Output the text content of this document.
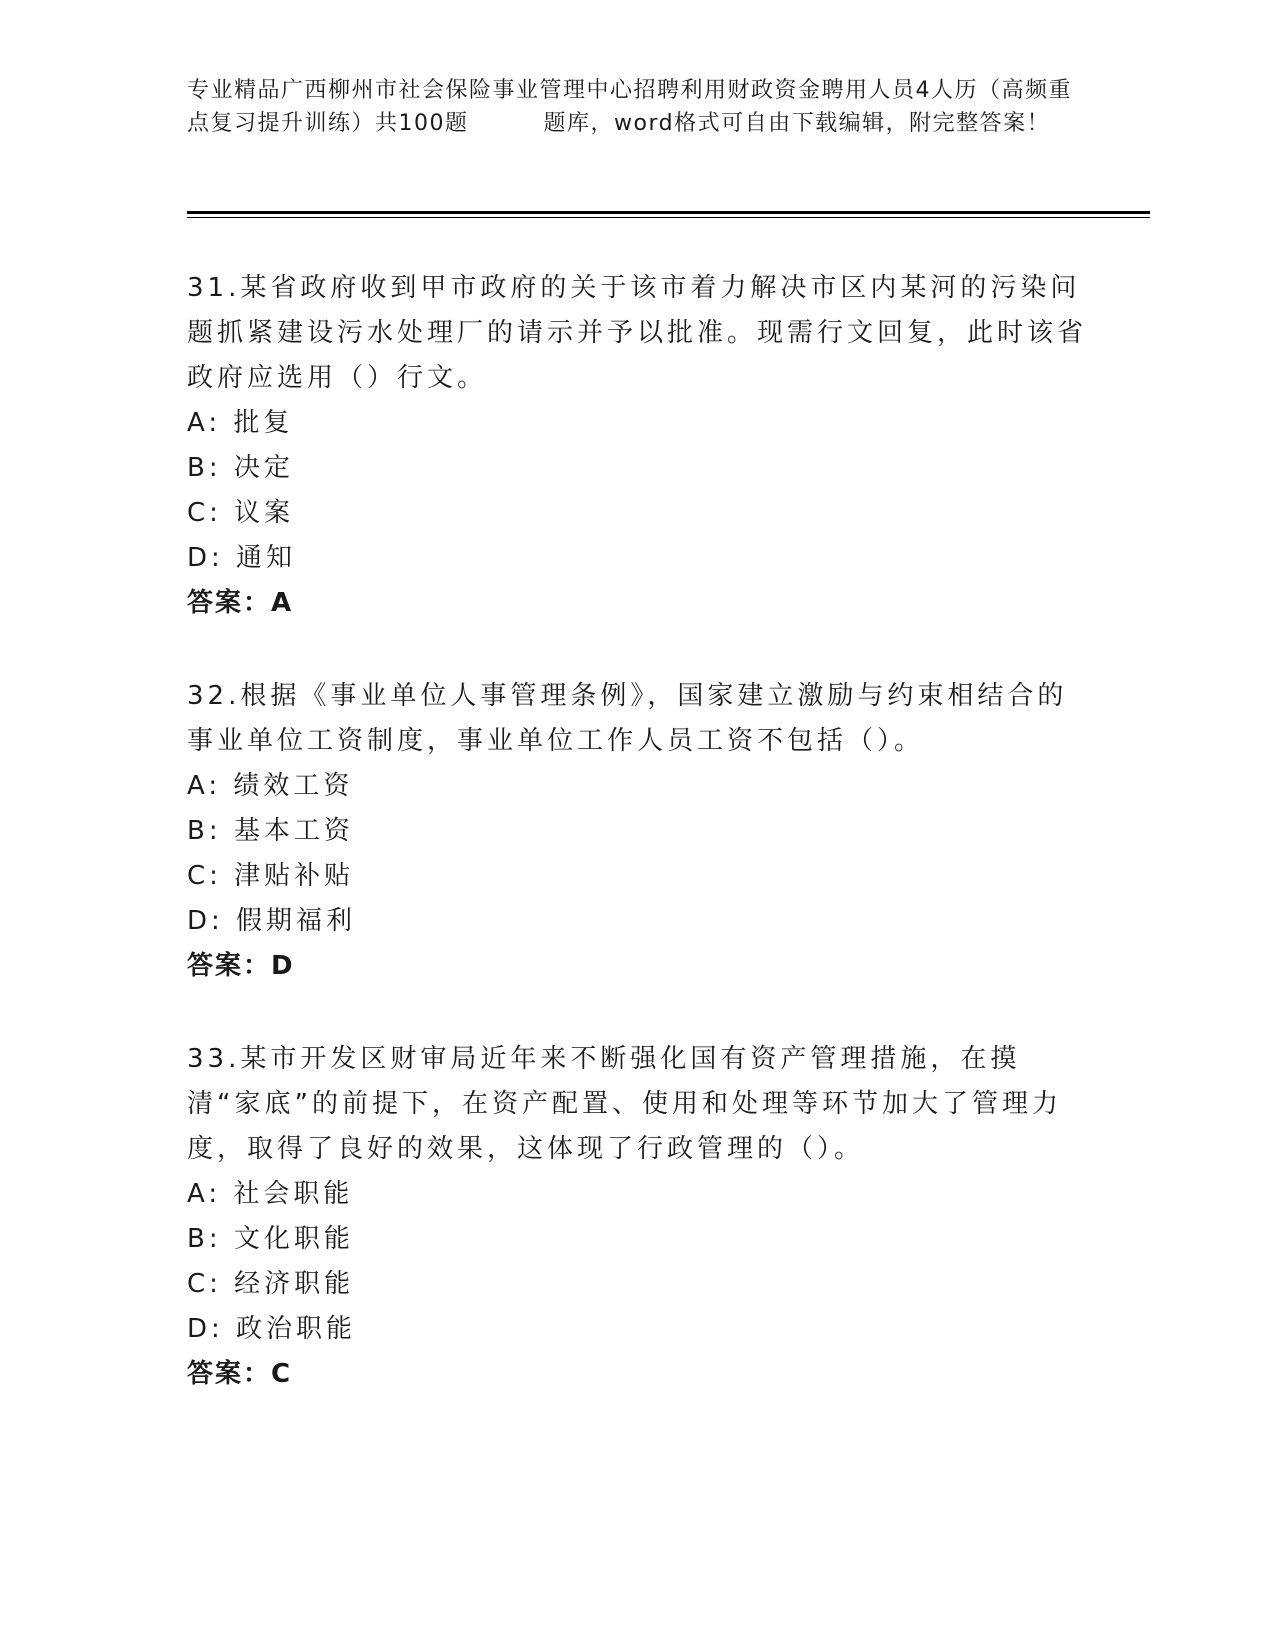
专业精品广西柳州市社会保险事业管理中心招聘利用财政资金聘用人员4人历（高频重点复习提升训练）共100题	题库，word格式可自由下载编辑，附完整答案！
31.某省政府收到甲市政府的关于该市着力解决市区内某河的污染问题抓紧建设污水处理厂的请示并予以批准。现需行文回复，此时该省政府应选用（）行文。
A: 批复
B: 决定
C: 议案
D: 通知
答案：A
32.根据《事业单位人事管理条例》，国家建立激励与约束相结合的事业单位工资制度，事业单位工作人员工资不包括（）。
A: 绩效工资
B: 基本工资
C: 津贴补贴
D: 假期福利
答案：D
33.某市开发区财审局近年来不断强化国有资产管理措施，在摸清“家底”的前提下，在资产配置、使用和处理等环节加大了管理力度，取得了良好的效果，这体现了行政管理的（）。
A: 社会职能
B: 文化职能
C: 经济职能
D: 政治职能
答案：C
